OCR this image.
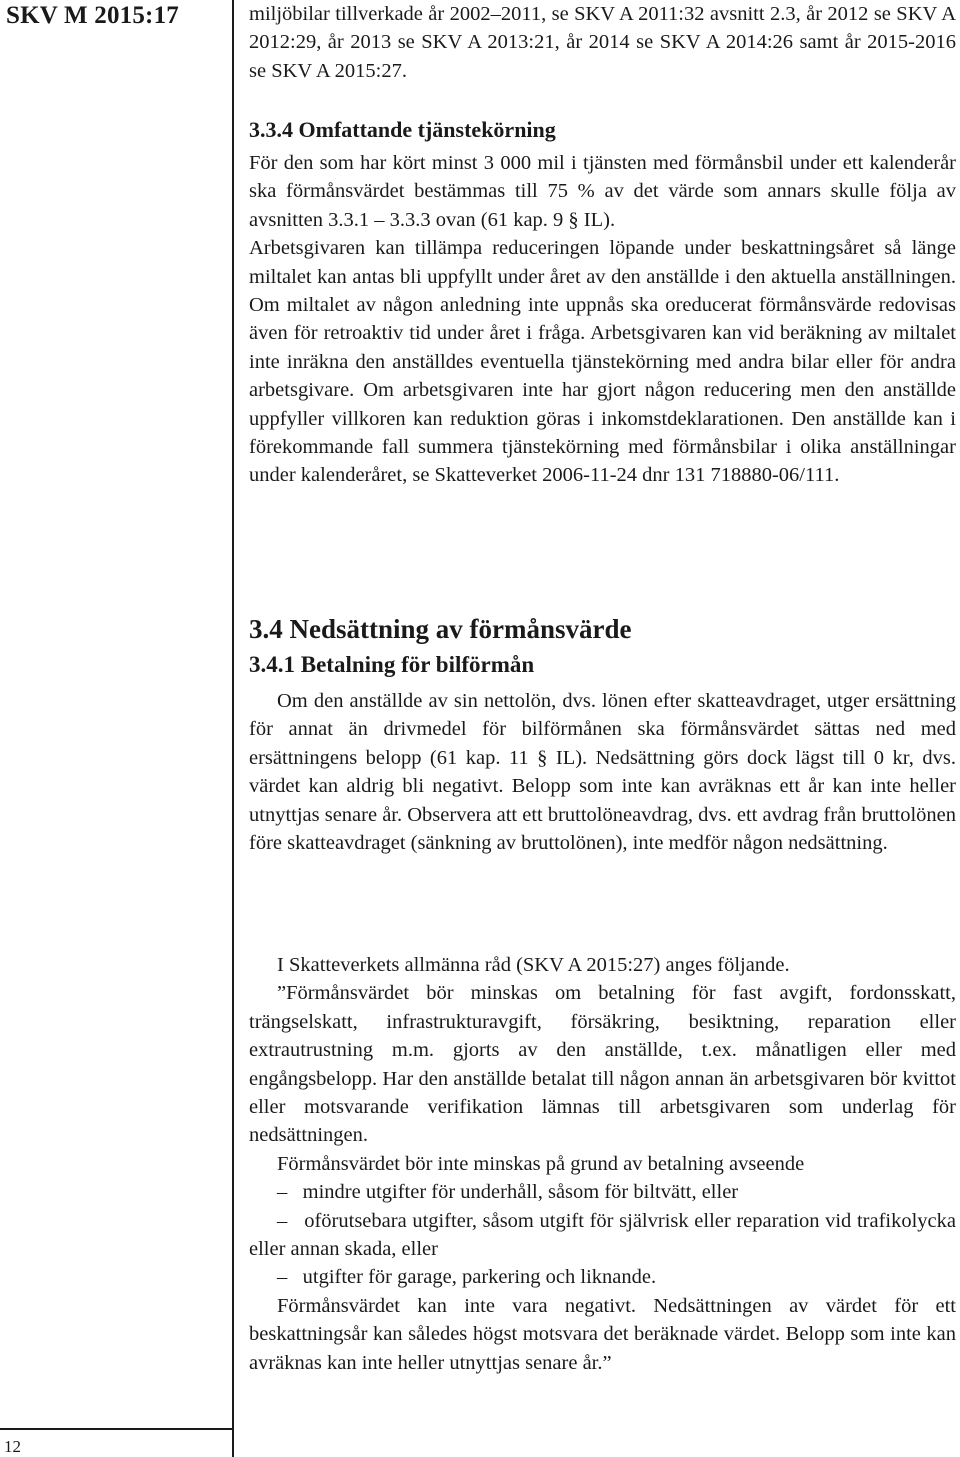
SKV M 2015:17
12

miljöbilar tillverkade år 2002–2011, se SKV A 2011:32 avsnitt 2.3, år 2012 se SKV A 2012:29, år 2013 se SKV A 2013:21, år 2014 se SKV A 2014:26 samt år 2015-2016 se SKV A 2015:27.

3.3.4 Omfattande tjänstekörning

För den som har kört minst 3 000 mil i tjänsten med förmånsbil under ett kalenderår ska förmånsvärdet bestämmas till 75 % av det värde som annars skulle följa av avsnitten 3.3.1 – 3.3.3 ovan (61 kap. 9 § IL).

Arbetsgivaren kan tillämpa reduceringen löpande under beskattningsåret så länge miltalet kan antas bli uppfyllt under året av den anställde i den aktuella anställningen. Om miltalet av någon anledning inte uppnås ska oreducerat förmånsvärde redovisas även för retroaktiv tid under året i fråga. Arbetsgivaren kan vid beräkning av miltalet inte inräkna den anställdes eventuella tjänstekörning med andra bilar eller för andra arbetsgivare. Om arbetsgivaren inte har gjort någon reducering men den anställde uppfyller villkoren kan reduktion göras i inkomstdeklarationen. Den anställde kan i förekommande fall summera tjänstekörning med förmånsbilar i olika anställningar under kalenderåret, se Skatteverket 2006-11-24 dnr 131 718880-06/111.

3.4 Nedsättning av förmånsvärde
3.4.1 Betalning för bilförmån

Om den anställde av sin nettolön, dvs. lönen efter skatteavdraget, utger ersättning för annat än drivmedel för bilförmånen ska förmånsvärdet sättas ned med ersättningens belopp (61 kap. 11 § IL). Nedsättning görs dock lägst till 0 kr, dvs. värdet kan aldrig bli negativt. Belopp som inte kan avräknas ett år kan inte heller utnyttjas senare år. Observera att ett bruttolöneavdrag, dvs. ett avdrag från bruttolönen före skatteavdraget (sänkning av bruttolönen), inte medför någon nedsättning.

I Skatteverkets allmänna råd (SKV A 2015:27) anges följande.

”Förmånsvärdet bör minskas om betalning för fast avgift, fordonsskatt, trängselskatt, infrastrukturavgift, försäkring, besiktning, reparation eller extrautrustning m.m. gjorts av den anställde, t.ex. månatligen eller med engångsbelopp. Har den anställde betalat till någon annan än arbetsgivaren bör kvittot eller motsvarande verifikation lämnas till arbetsgivaren som underlag för nedsättningen.

Förmånsvärdet bör inte minskas på grund av betalning avseende

– mindre utgifter för underhåll, såsom för biltvätt, eller

– oförutsebara utgifter, såsom utgift för självrisk eller reparation vid trafikolycka eller annan skada, eller

– utgifter för garage, parkering och liknande.

Förmånsvärdet kan inte vara negativt. Nedsättningen av värdet för ett beskattningsår kan således högst motsvara det beräknade värdet. Belopp som inte kan avräknas kan inte heller utnyttjas senare år.”
